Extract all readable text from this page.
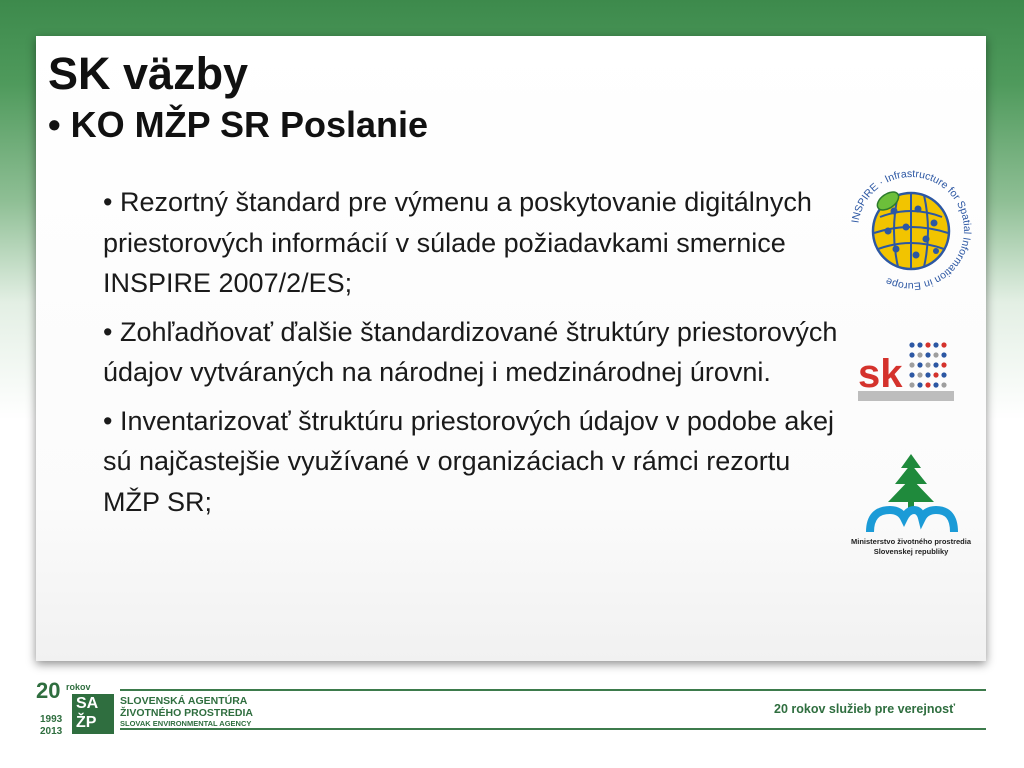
SK väzby
• KO MŽP SR Poslanie
• Rezortný štandard pre výmenu a poskytovanie digitálnych priestorových informácií v súlade požiadavkami smernice INSPIRE 2007/2/ES;
• Zohľadňovať ďalšie štandardizované štruktúry priestorových údajov vytváraných na národnej i medzinárodnej úrovni.
• Inventarizovať štruktúru priestorových údajov v podobe akej sú najčastejšie využívané v organizáciach v rámci rezortu MŽP SR;
INSPIRE · Infrastructure for Spatial Information in Europe
sk
Ministerstvo životného prostredia
Slovenskej republiky
20 rokov
SA
ŽP
1993
2013
SLOVENSKÁ AGENTÚRA
ŽIVOTNÉHO PROSTREDIA
SLOVAK ENVIRONMENTAL AGENCY
20 rokov služieb pre verejnosť
